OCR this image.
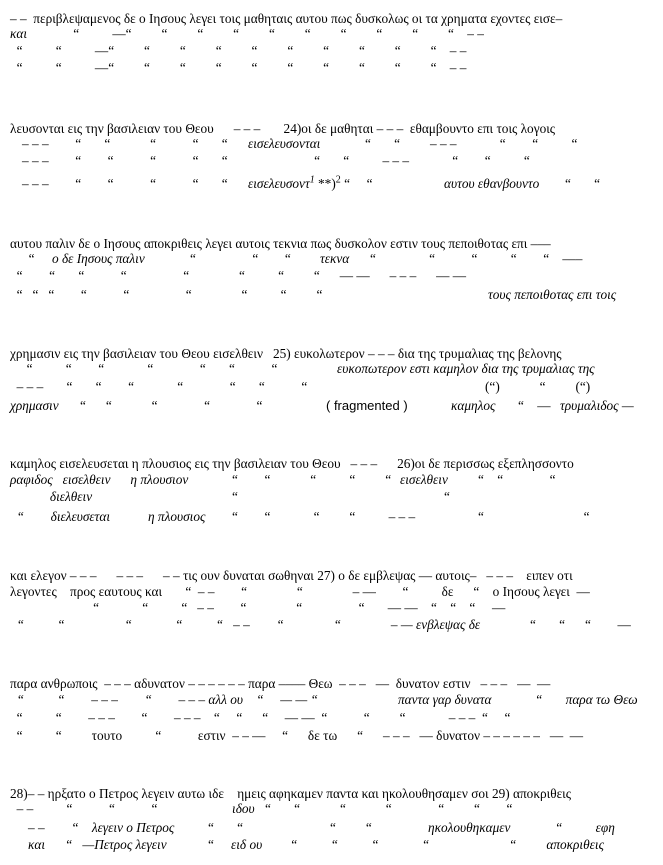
– –  περιβλεψαμενος δε ο Ιησους λεγει τοις μαθηταις αυτου πως δυσκολως οι τα χρηματα εχοντες εισε–
και “          —“         “         “         “         “         “         “         “         “         “    – –
“          “          —“         “         “         “         “         “         “         “         “         “    – –
“          “          —“         “         “         “         “         “         “         “         “         “    – –
λευσονται εις την βασιλειαν του Θεου      – – –       24)οι δε μαθηται – – –  εθαμβουντο επι τοις λογοις
– – –        “       “            “           “       “ εισελευσονται	“       “         – – –             “        “          “
– – –        “        “           “           “       “                          “       “          – – –             “        “          “
– – –        “        “           “           “       “ εισελευσοντ$^1$ **)$^2$ “     “	αυτου εθανβουντο “       “
αυτου παλιν δε ο Ιησους αποκριθεις λεγει αυτοις τεκνια πως δυσκολον εστιν τους πεποιθοτας επι –––
“ ο δε Ιησους παλιν	“                 “        “ τεκνα “                “           “          “        “    –––
“        “       “           “                 “               “          “         “      — —      – – –      — —
“   “   “        “           “                 “               “          “         “	τους πεποιθοτας επι τοις
χρημασιν εις την βασιλειαν του Θεου εισελθειν   25) ευκολωτερον – – – δια της τρυμαλιας της βελονης
“          “        “             “              “       “           “	ευκοπωτερον εστι καμηλον δια της τρυμαλιας της
– – –       “       “        “             “              “       “           “	(“)            “         (“)
χρημασιν “      “            “              “              “	( fragmented )	καμηλος “    — τρυμαλιδος —
καμηλος εισελευσεται η πλουσιος εις την βασιλειαν του Θεου   – – –      26)οι δε περισσως εξεπλησσοντο
ραφιδος   εισελθειν      η πλουσιον	“        “            “          “         “ εισελθειν “    “              “
διελθειν	“                                                              “
“        διελευσεται	η πλουσιος “        “             “         “          – – –	“                              “
και ελεγον – – –      – – –      – – τις ουν δυναται σωθηναι 27) ο δε εμβλεψας — αυτοις–   – – –    ειπεν οτι
λεγοντες    προς εαυτους και       “  – –        “               “               – —        “          δε      “    ο Ιησους λεγει  —
“             “          “   – –        “               “                 “       — —    “    “    “     —
“          “                  “             “          “   – –        “               “               – — ενβλεψας δε	“       “      “        —
παρα ανθρωποις  – – – αδυνατον – – – – – – παρα –––– Θεω  – – –   —  δυνατον εστιν   – – –   —  —
“          “        – – –        “        – – – αλλ ου    “     — — “	παντα γαρ δυνατα	“       παρα τω Θεω
“          “        – – –        “        – – –    “     “      “     — —  “           “         “             – – –  “     “
“          “         τουτο          “           εστιν  – – —     “      δε τω      “      – – –   — δυνατον – – – – – –   —  —
28)– – ηρξατο ο Πετρος λεγειν αυτω ιδε    ημεις αφηκαμεν παντα και ηκολουθησαμεν σοι 29) αποκριθεις
– –          “           “           “	ιδου “       “            “            “              “         “        “
– –        “    λεγειν ο Πετρος	“       “	“         “	ηκολουθηκαμεν	“          εφη
και      “   —Πετρος λεγειν	“ ειδ ου “          “          “             “                        “         αποκριθεις
